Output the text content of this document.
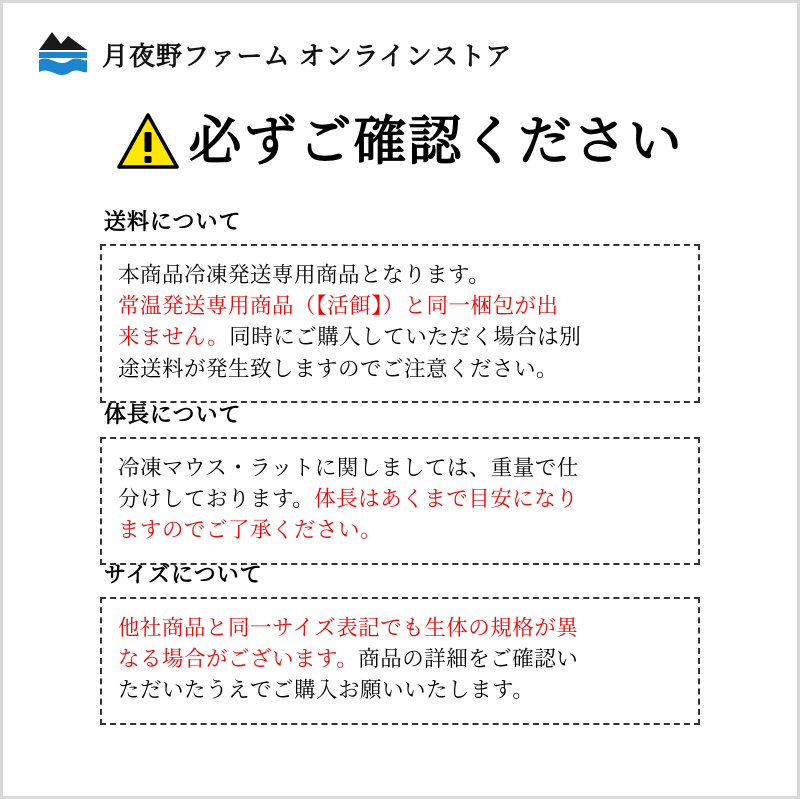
月夜野ファーム オンラインストア
必ずご確認ください
送料について

本商品冷凍発送専用商品となります。

常温発送専用商品（【活餌】）と同一梱包が出

来ません。同時にご購入していただく場合は別

途送料が発生致しますのでご注意ください。

体長について

冷凍マウス・ラットに関しましては、重量で仕

分けしております。体長はあくまで目安になり

ますのでご了承ください。

サイズについて

他社商品と同一サイズ表記でも生体の規格が異

なる場合がございます。商品の詳細をご確認い

ただいたうえでご購入お願いいたします。
